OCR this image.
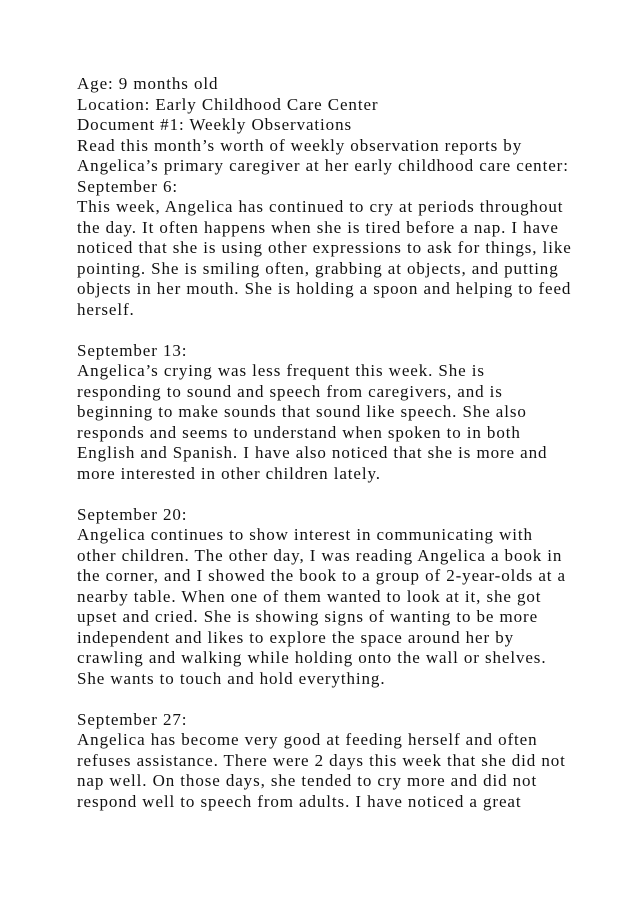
Age: 9 months old
Location: Early Childhood Care Center
Document #1: Weekly Observations
Read this month’s worth of weekly observation reports by
Angelica’s primary caregiver at her early childhood care center:
September 6:
This week, Angelica has continued to cry at periods throughout
the day. It often happens when she is tired before a nap. I have
noticed that she is using other expressions to ask for things, like
pointing. She is smiling often, grabbing at objects, and putting
objects in her mouth. She is holding a spoon and helping to feed
herself.
September 13:
Angelica’s crying was less frequent this week. She is
responding to sound and speech from caregivers, and is
beginning to make sounds that sound like speech. She also
responds and seems to understand when spoken to in both
English and Spanish. I have also noticed that she is more and
more interested in other children lately.
September 20:
Angelica continues to show interest in communicating with
other children. The other day, I was reading Angelica a book in
the corner, and I showed the book to a group of 2-year-olds at a
nearby table. When one of them wanted to look at it, she got
upset and cried. She is showing signs of wanting to be more
independent and likes to explore the space around her by
crawling and walking while holding onto the wall or shelves.
She wants to touch and hold everything.
September 27:
Angelica has become very good at feeding herself and often
refuses assistance. There were 2 days this week that she did not
nap well. On those days, she tended to cry more and did not
respond well to speech from adults. I have noticed a great
